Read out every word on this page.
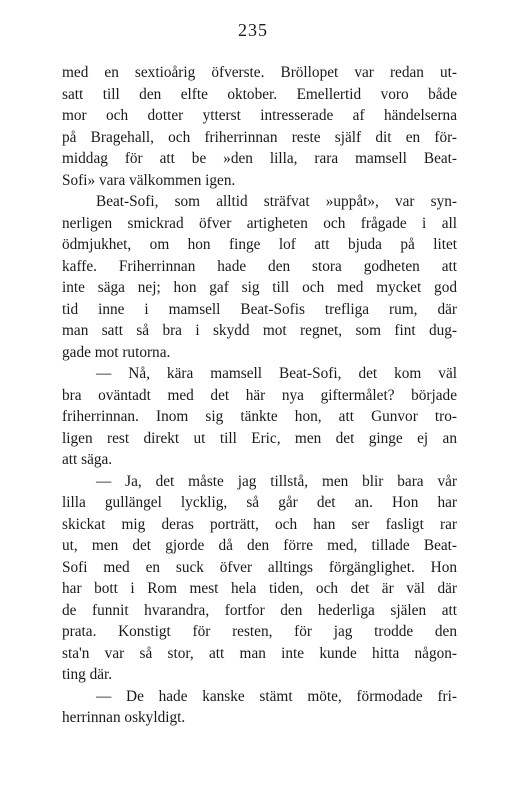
235
med en sextioårig öfverste. Bröllopet var redan ut-
satt till den elfte oktober. Emellertid voro både
mor och dotter ytterst intresserade af händelserna
på Bragehall, och friherrinnan reste själf dit en för-
middag för att be »den lilla, rara mamsell Beat-
Sofi» vara välkommen igen.
Beat-Sofi, som alltid sträfvat »uppåt», var syn-
nerligen smickrad öfver artigheten och frågade i all
ödmjukhet, om hon finge lof att bjuda på litet
kaffe. Friherrinnan hade den stora godheten att
inte säga nej; hon gaf sig till och med mycket god
tid inne i mamsell Beat-Sofis trefliga rum, där
man satt så bra i skydd mot regnet, som fint dug-
gade mot rutorna.
— Nå, kära mamsell Beat-Sofi, det kom väl
bra oväntadt med det här nya giftermålet? började
friherrinnan. Inom sig tänkte hon, att Gunvor tro-
ligen rest direkt ut till Eric, men det ginge ej an
att säga.
— Ja, det måste jag tillstå, men blir bara vår
lilla gullängel lycklig, så går det an. Hon har
skickat mig deras porträtt, och han ser fasligt rar
ut, men det gjorde då den förre med, tillade Beat-
Sofi med en suck öfver alltings förgänglighet. Hon
har bott i Rom mest hela tiden, och det är väl där
de funnit hvarandra, fortfor den hederliga själen att
prata. Konstigt för resten, för jag trodde den
sta'n var så stor, att man inte kunde hitta någon-
ting där.
— De hade kanske stämt möte, förmodade fri-
herrinnan oskyldigt.
